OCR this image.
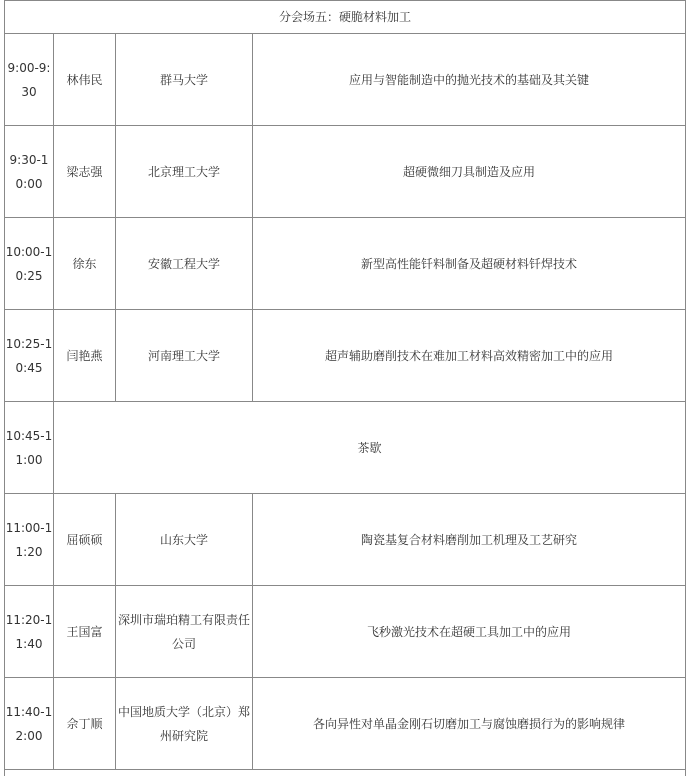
分会场五：硬脆材料加工			
9:00-9:30	林伟民	群马大学	应用与智能制造中的抛光技术的基础及其关键
9:30-10:00	梁志强	北京理工大学	超硬微细刀具制造及应用
10:00-10:25	徐东	安徽工程大学	新型高性能钎料制备及超硬材料钎焊技术
10:25-10:45	闫艳燕	河南理工大学	超声辅助磨削技术在难加工材料高效精密加工中的应用
10:45-11:00	茶歇		
11:00-11:20	屈硕硕	山东大学	陶瓷基复合材料磨削加工机理及工艺研究
11:20-11:40	王国富	深圳市瑞珀精工有限责任公司	飞秒激光技术在超硬工具加工中的应用
11:40-12:00	佘丁顺	中国地质大学（北京）郑州研究院	各向异性对单晶金刚石切磨加工与腐蚀磨损行为的影响规律
